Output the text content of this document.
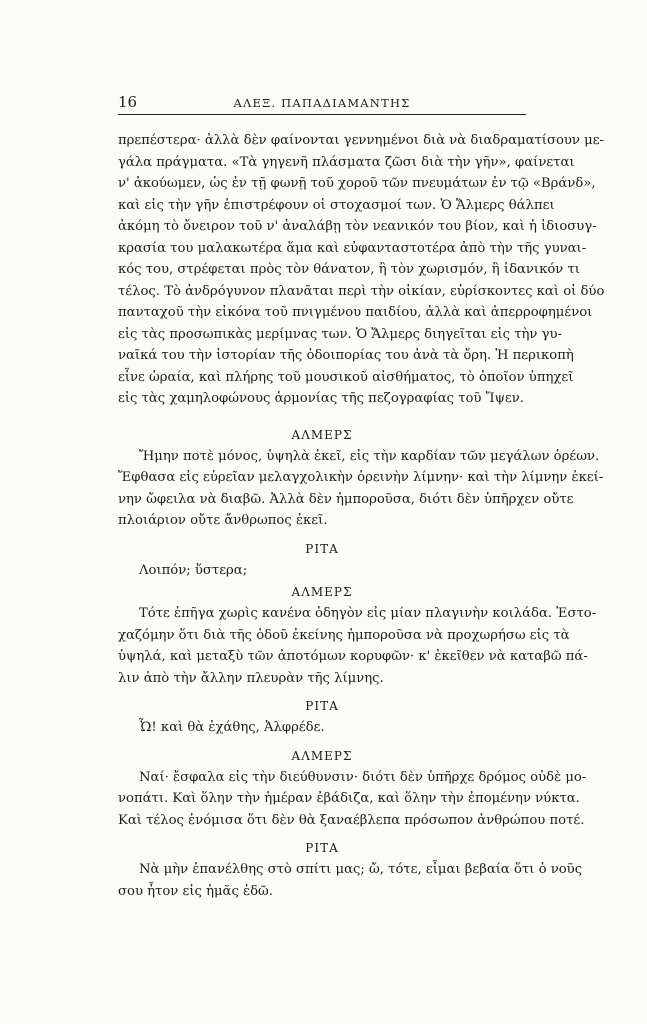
16	ΑΛΕΞ. ΠΑΠΑΔΙΑΜΑΝΤΗΣ
πρεπέστερα· ἀλλὰ δὲν φαίνονται γεννημένοι διὰ νὰ διαδραματίσουν με-
γάλα πράγματα. «Τὰ γηγενῆ πλάσματα ζῶσι διὰ τὴν γῆν», φαίνεται
ν' ἀκούωμεν, ὡς ἐν τῇ φωνῇ τοῦ χοροῦ τῶν πνευμάτων ἐν τῷ «Βράνδ»,
καὶ εἰς τὴν γῆν ἐπιστρέφουν οἱ στοχασμοί των. Ὁ Ἄλμερς θάλπει
ἀκόμη τὸ ὄνειρον τοῦ ν' ἀναλάβῃ τὸν νεανικόν του βίον, καὶ ἡ ἰδιοσυγ-
κρασία του μαλακωτέρα ἅμα καὶ εὐφανταστοτέρα ἀπὸ τὴν τῆς γυναι-
κός του, στρέφεται πρὸς τὸν θάνατον, ἢ τὸν χωρισμόν, ἢ ἰδανικόν τι
τέλος. Τὸ ἀνδρόγυνον πλανᾶται περὶ τὴν οἰκίαν, εὑρίσκοντες καὶ οἱ δύο
πανταχοῦ τὴν εἰκόνα τοῦ πνιγμένου παιδίου, ἀλλὰ καὶ ἀπερροφημένοι
εἰς τὰς προσωπικὰς μερίμνας των. Ὁ Ἄλμερς διηγεῖται εἰς τὴν γυ-
ναῖκά του τὴν ἱστορίαν τῆς ὁδοιπορίας του ἀνὰ τὰ ὄρη. Ἡ περικοπὴ
εἶνε ὡραία, καὶ πλήρης τοῦ μουσικοῦ αἰσθήματος, τὸ ὁποῖον ὑπηχεῖ
εἰς τὰς χαμηλοφώνους ἁρμονίας τῆς πεζογραφίας τοῦ Ἴψεν.
ΑΛΜΕΡΣ
Ἤμην ποτὲ μόνος, ὑψηλὰ ἐκεῖ, εἰς τὴν καρδίαν τῶν μεγάλων ὀρέων.
Ἔφθασα εἰς εὐρεῖαν μελαγχολικὴν ὀρεινὴν λίμνην· καὶ τὴν λίμνην ἐκεί-
νην ὤφειλα νὰ διαβῶ. Ἀλλὰ δὲν ἠμποροῦσα, διότι δὲν ὑπῆρχεν οὔτε
πλοιάριον οὔτε ἄνθρωπος ἐκεῖ.
ΡΙΤΑ
Λοιπόν; ὕστερα;
ΑΛΜΕΡΣ
Τότε ἐπῆγα χωρὶς κανένα ὁδηγὸν εἰς μίαν πλαγινὴν κοιλάδα. Ἐστο-
χαζόμην ὅτι διὰ τῆς ὁδοῦ ἐκείνης ἠμποροῦσα νὰ προχωρήσω εἰς τὰ
ὑψηλά, καὶ μεταξὺ τῶν ἀποτόμων κορυφῶν· κ' ἐκεῖθεν νὰ καταβῶ πά-
λιν ἀπὸ τὴν ἄλλην πλευρὰν τῆς λίμνης.
ΡΙΤΑ
Ὦ! καὶ θὰ ἐχάθης, Ἀλφρέδε.
ΑΛΜΕΡΣ
Ναί· ἔσφαλα εἰς τὴν διεύθυνσιν· διότι δὲν ὑπῆρχε δρόμος οὐδὲ μο-
νοπάτι. Καὶ ὅλην τὴν ἡμέραν ἐβάδιζα, καὶ ὅλην τὴν ἐπομένην νύκτα.
Καὶ τέλος ἐνόμισα ὅτι δὲν θὰ ξαναέβλεπα πρόσωπον ἀνθρώπου ποτέ.
ΡΙΤΑ
Νὰ μὴν ἐπανέλθης στὸ σπίτι μας; ὤ, τότε, εἶμαι βεβαία ὅτι ὁ νοῦς
σου ἦτον εἰς ἡμᾶς ἐδῶ.
